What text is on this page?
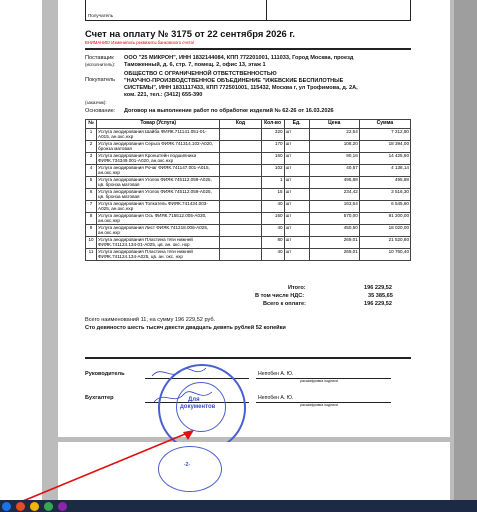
Получатель
Счет на оплату № 3175 от 22 сентября 2026 г.
ВНИМАНИЕ! Изменились реквизиты банковского счета!
Поставщик
(исполнитель):
ООО "25 МИКРОН", ИНН 1832144084, КПП 772201001, 111033, Город Москва, проезд
Таможенный, д. 6, стр. 7, помещ. 2, офис 13, этаж 1
Покупатель
ОБЩЕСТВО С ОГРАНИЧЕННОЙ ОТВЕТСТВЕННОСТЬЮ
"НАУЧНО-ПРОИЗВОДСТВЕННОЕ ОБЪЕДИНЕНИЕ "ИЖЕВСКИЕ БЕСПИЛОТНЫЕ
СИСТЕМЫ", ИНН 1831117433, КПП 772501001, 115432, Москва г, ул Трофимова, д. 2А,
ком. 221, тел.: (3412) 655-390
(заказчик):
Основание: Договор на выполнение работ по обработке изделий № 62-26 от 16.03.2026
№	Товар (Услуга)	Код	Кол-во	Ед.	Цена	Сумма
1	Услуга анодирования Шайба ФИЯК.711141.051-01-А015, ан.окс.нхр		320	шт	22,54	7 212,80
2	Услуга анодирования Серьга ФИЯК.741314.102-А020, бронза матовая		170	шт	108,20	18 394,00
3	Услуга анодирования Кронштейн подшипника ФИЯК.734349.001-А020, ан.окс.нхр		160	шт	90,16	14 425,60
4	Услуга анодирования Рочаг ФИЯК.741147.001-А015, ан.окс.нхр		102	шт	40,57	4 138,14
5	Услуга анодирования Уголок ФИЯК.745112.059-А025, цв. бронза матовая		1	шт	495,88	495,88
6	Услуга анодирования Уголок ФИЯК.745112.059-А025, цв. бронза матовая		15	шт	234,42	3 516,30
7	Услуга анодирования Толкатель ФИЯК.741434.003-А025, ан.окс.нхр		40	шт	163,64	6 545,60
8	Услуга анодирования Ось ФИЯК.715512.005-А030, ан.окс.нхр		160	шт	570,00	91 200,00
9	Услуга анодирования Лист ФИЯК.741218.006-А025, ан.окс.нхр		40	шт	450,50	18 020,00
10	Услуга анодирования Пластина тяги нижней ФИЯК.741124.134-01-А025, цв. ан. окс. нхр		80	шт	269,01	21 520,80
11	Услуга анодирования Пластина тяги нижней ФИЯК.741124.134-А025, цв. ан. окс. нхр		40	шт	269,01	10 760,40
Итого:	196 229,52
В том числе НДС:	35 385,65
Всего к оплате:	196 229,52
Всего наименований 11, на сумму 196 229,52 руб.
Сто девяносто шесть тысяч двести двадцать девять рублей 52 копейки
Руководитель	Непобен А. Ю.
расшифровка подписи
Бухгалтер	Непобен А. Ю.
расшифровка подписи
Для
документов
-2-
